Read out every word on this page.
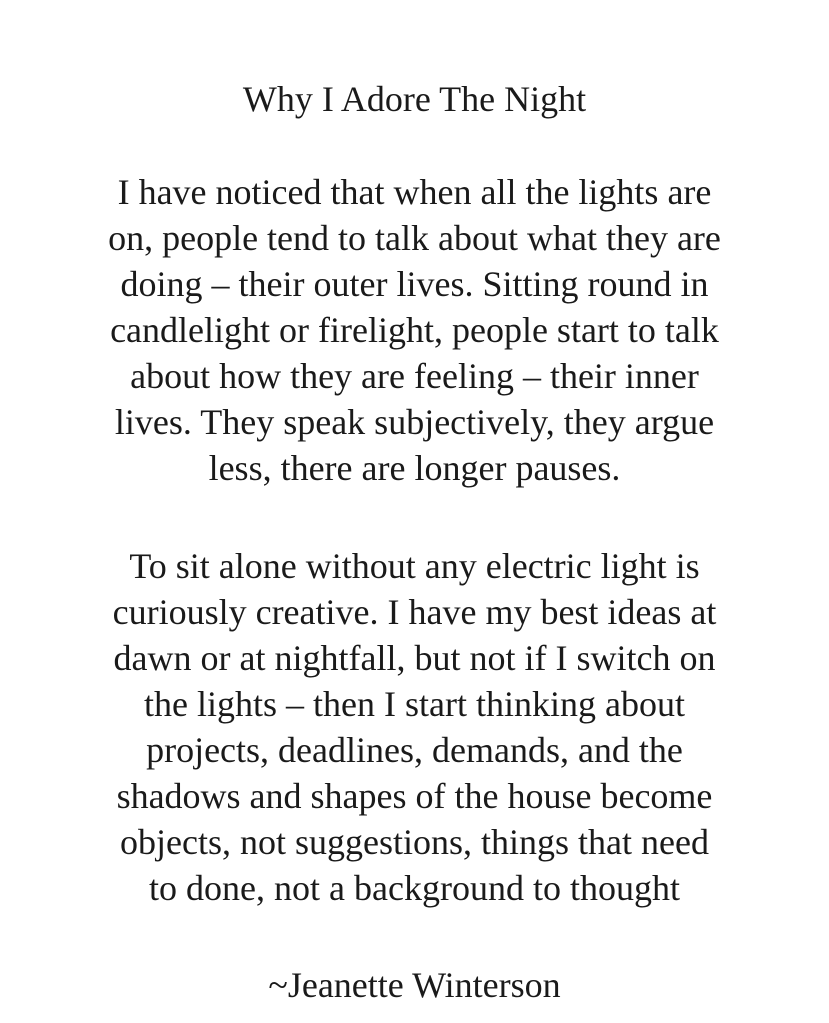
Why I Adore The Night

I have noticed that when all the lights are
on, people tend to talk about what they are
doing – their outer lives. Sitting round in
candlelight or firelight, people start to talk
about how they are feeling – their inner
lives. They speak subjectively, they argue
less, there are longer pauses.

To sit alone without any electric light is
curiously creative. I have my best ideas at
dawn or at nightfall, but not if I switch on
the lights – then I start thinking about
projects, deadlines, demands, and the
shadows and shapes of the house become
objects, not suggestions, things that need
to done, not a background to thought

~Jeanette Winterson
